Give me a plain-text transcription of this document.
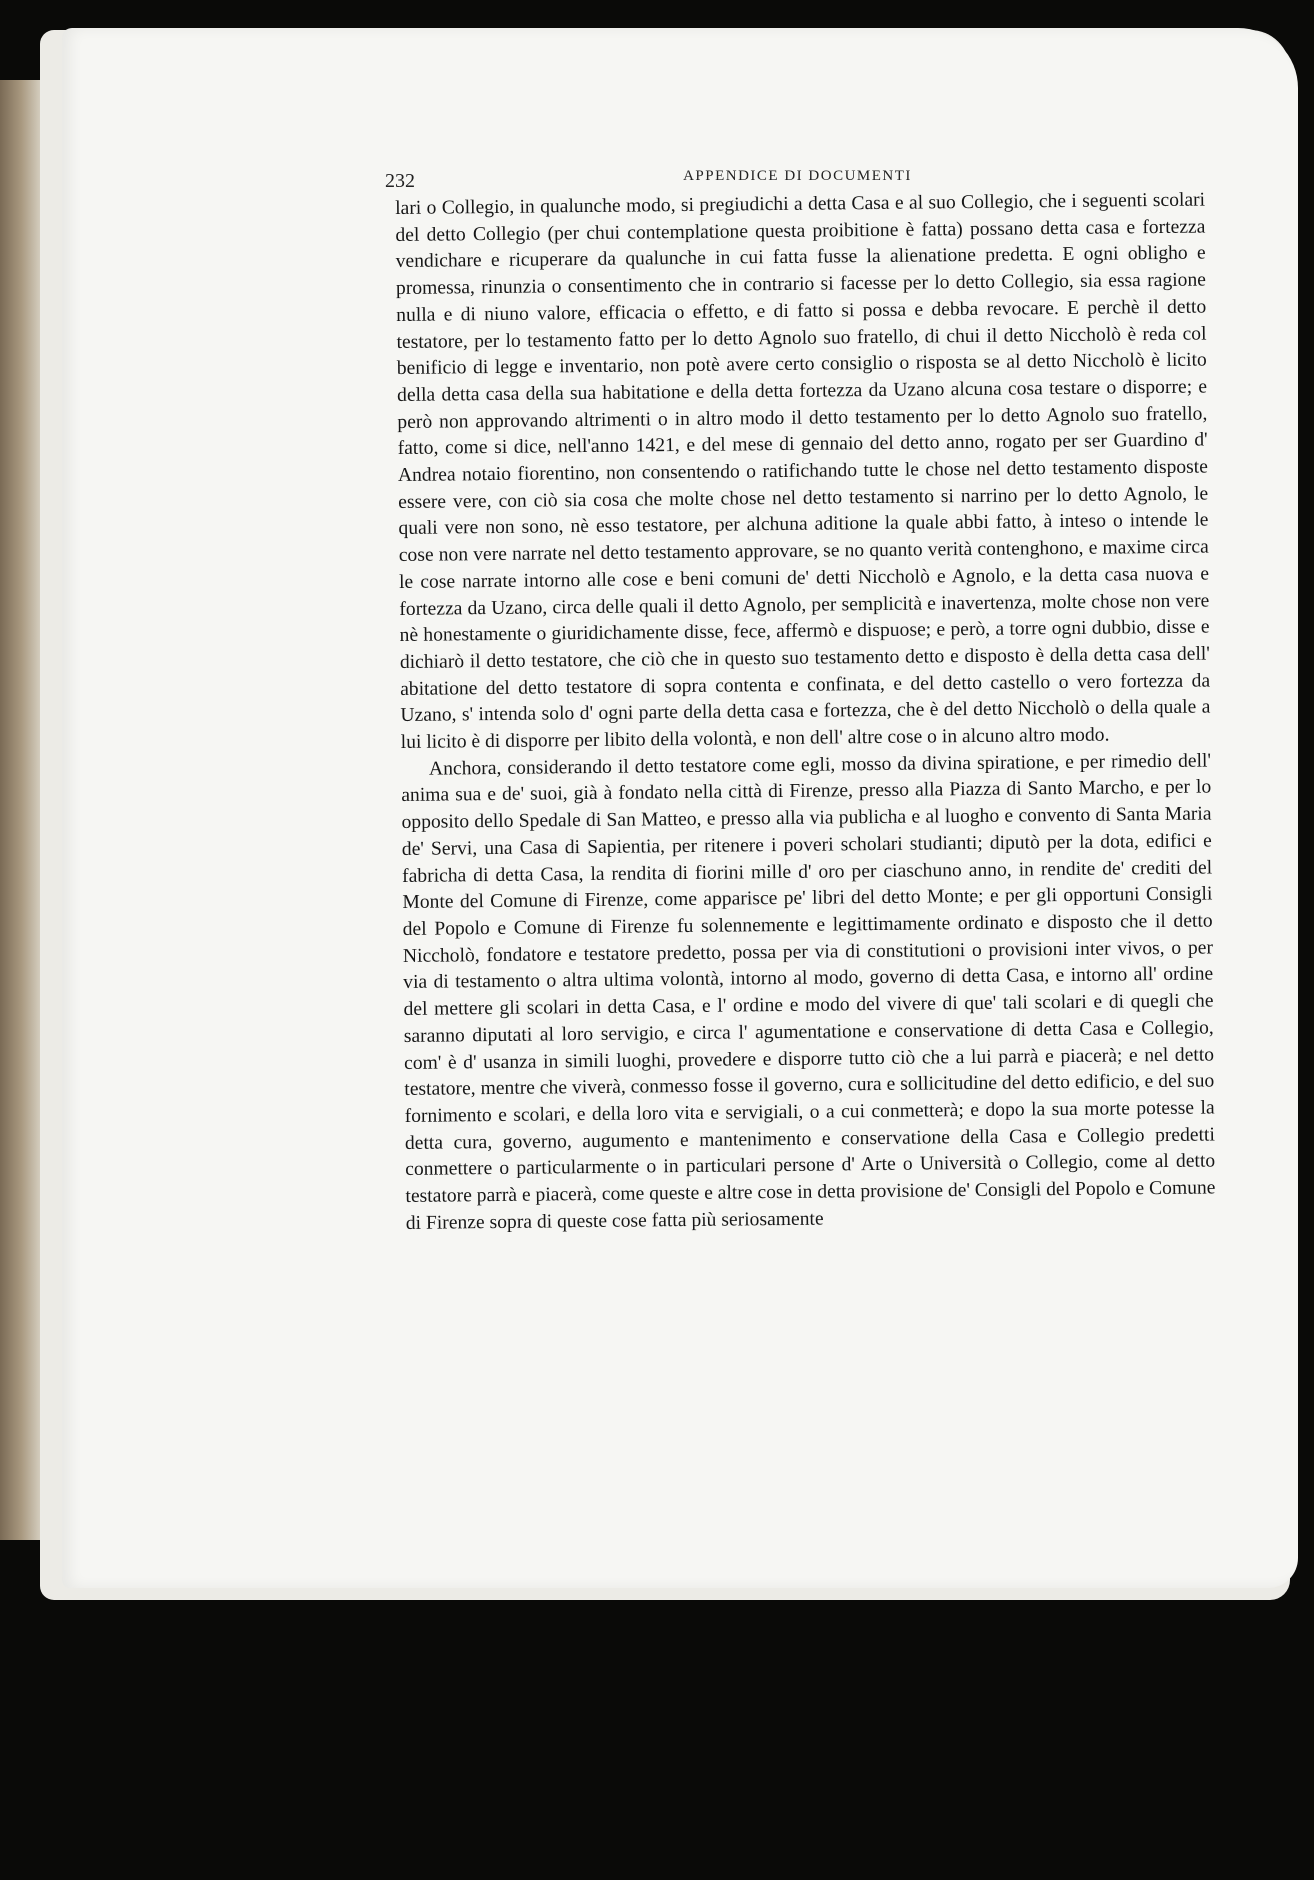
232	APPENDICE DI DOCUMENTI

lari o Collegio, in qualunche modo, si pregiudichi a detta Casa e al suo Collegio, che i seguenti scolari del detto Collegio (per chui contemplatione questa proibitione è fatta) possano detta casa e fortezza vendichare e ricuperare da qualunche in cui fatta fusse la alienatione predetta. E ogni obligho e promessa, rinunzia o consentimento che in contrario si facesse per lo detto Collegio, sia essa ragione nulla e di niuno valore, efficacia o effetto, e di fatto si possa e debba revocare. E perchè il detto testatore, per lo testamento fatto per lo detto Agnolo suo fratello, di chui il detto Niccholò è reda col benificio di legge e inventario, non potè avere certo consiglio o risposta se al detto Nicchоlò è licito della detta casa della sua habitatione e della detta fortezza da Uzano alcuna cosa testare o disporre; e però non approvando altrimenti o in altro modo il detto testamento per lo detto Agnolo suo fratello, fatto, come si dice, nell'anno 1421, e del mese di gennaio del detto anno, rogato per ser Guardino d' Andrea notaio fiorentino, non consentendo o ratifichando tutte le chose nel detto testamento disposte essere vere, con ciò sia cosa che molte chose nel detto testamento si narrino per lo detto Agnolo, le quali vere non sono, nè esso testatore, per alchuna aditione la quale abbi fatto, à inteso o intende le cose non vere narrate nel detto testamento approvare, se no quanto verità contenghono, e maxime circa le cose narrate intorno alle cose e beni comuni de' detti Niccholò e Agnolo, e la detta casa nuova e fortezza da Uzano, circa delle quali il detto Agnolo, per semplicità e inavertenza, molte chose non vere nè honestamente o giuridichamente disse, fece, affermò e dispuose; e però, a torre ogni dubbio, disse e dichiarò il detto testatore, che ciò che in questo suo testamento detto e disposto è della detta casa dell' abitatione del detto testatore di sopra contenta e confinata, e del detto castello o vero fortezza da Uzano, s' intenda solo d' ogni parte della detta casa e fortezza, che è del detto Nicchоlò o della quale a lui licito è di disporre per libito della volontà, e non dell' altre cose o in alcuno altro modo.

Anchora, considerando il detto testatore come egli, mosso da divina spiratione, e per rimedio dell' anima sua e de' suoi, già à fondato nella città di Firenze, presso alla Piazza di Santo Marcho, e per lo opposito dello Spedale di San Matteo, e presso alla via publicha e al luogho e convento di Santa Maria de' Servi, una Casa di Sapientia, per ritenere i poveri scholari studianti; diputò per la dota, edifici e fabricha di detta Casa, la rendita di fiorini mille d' oro per ciaschuno anno, in rendite de' crediti del Monte del Comune di Firenze, come apparisce pe' libri del detto Monte; e per gli opportuni Consigli del Popolo e Comune di Firenze fu solennemente e legittimamente ordinato e disposto che il detto Nicchоlò, fondatore e testatore predetto, possa per via di constitutioni o provisioni inter vivos, o per via di testamento o altra ultima volontà, intorno al modo, governo di detta Casa, e intorno all' ordine del mettere gli scolari in detta Casa, e l' ordine e modo del vivere di que' tali scolari e di quegli che saranno diputati al loro servigio, e circa l' agumentatione e conservatione di detta Casa e Collegio, com' è d' usanza in simili luoghi, provedere e disporre tutto ciò che a lui parrà e piacerà; e nel detto testatore, mentre che viverà, conmesso fosse il governo, cura e sollicitudine del detto edificio, e del suo fornimento e scolari, e della loro vita e servigiali, o a cui conmetterà; e dopo la sua morte potesse la detta cura, governo, augumento e mantenimento e conservatione della Casa e Collegio predetti conmettere o particularmente o in particulari persone d' Arte o Università o Collegio, come al detto testatore parrà e piacerà, come queste e altre cose in detta provisione de' Consigli del Popolo e Comune di Firenze sopra di queste cose fatta più seriosamente
